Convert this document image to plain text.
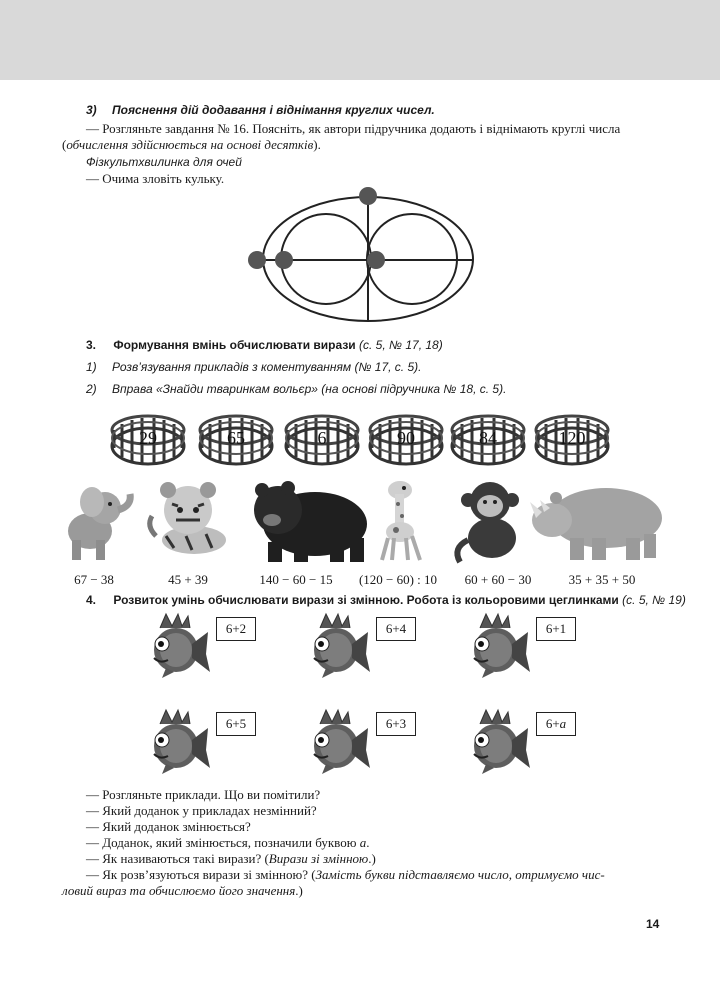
3) Пояснення дій додавання і віднімання круглих чисел.
— Розгляньте завдання № 16. Поясніть, як автори підручника додають і віднімають круглі числа
(обчислення здійснюється на основі десятків).
Фізкультхвилинка для очей
— Очима зловіть кульку.
3. Формування вмінь обчислювати вирази (с. 5, № 17, 18)
1) Розв’язування прикладів з коментуванням (№ 17, с. 5).
2) Вправа «Знайди тваринкам вольєр» (на основі підручника № 18, с. 5).
29	65	6	90	84	120
67 − 38	45 + 39	140 − 60 − 15	(120 − 60) : 10	60 + 60 − 30	35 + 35 + 50
4. Розвиток умінь обчислювати вирази зі змінною. Робота із кольоровими цеглинками (с. 5, № 19)
6+2	6+4	6+1
6+5	6+3	6+ a
— Розгляньте приклади. Що ви помітили?
— Який доданок у прикладах незмінний?
— Який доданок змінюється?
— Доданок, який змінюється, позначили буквою a.
— Як називаються такі вирази? (Вирази зі змінною.)
— Як розв’язуються вирази зі змінною? (Замість букви підставляємо число, отримуємо чис-
ловий вираз та обчислюємо його значення.)
14
